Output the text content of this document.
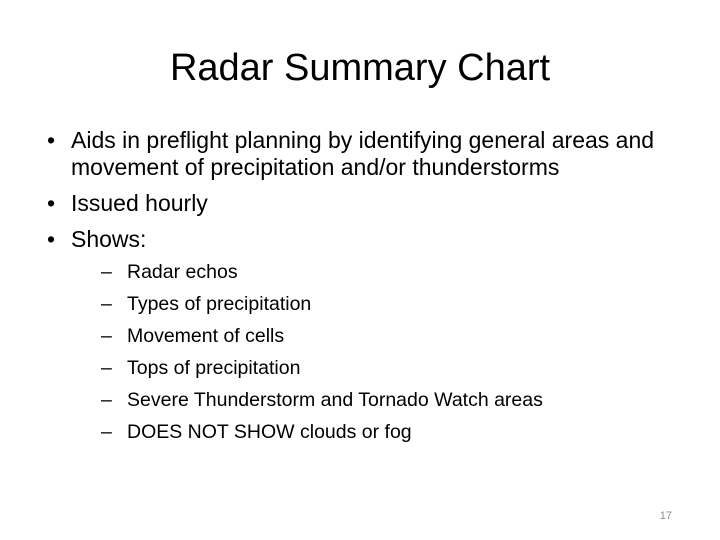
Radar Summary Chart
• Aids in preflight planning by identifying general areas and movement of precipitation and/or thunderstorms
• Issued hourly
• Shows:
– Radar echos
– Types of precipitation
– Movement of cells
– Tops of precipitation
– Severe Thunderstorm and Tornado Watch areas
– DOES NOT SHOW clouds or fog
17
